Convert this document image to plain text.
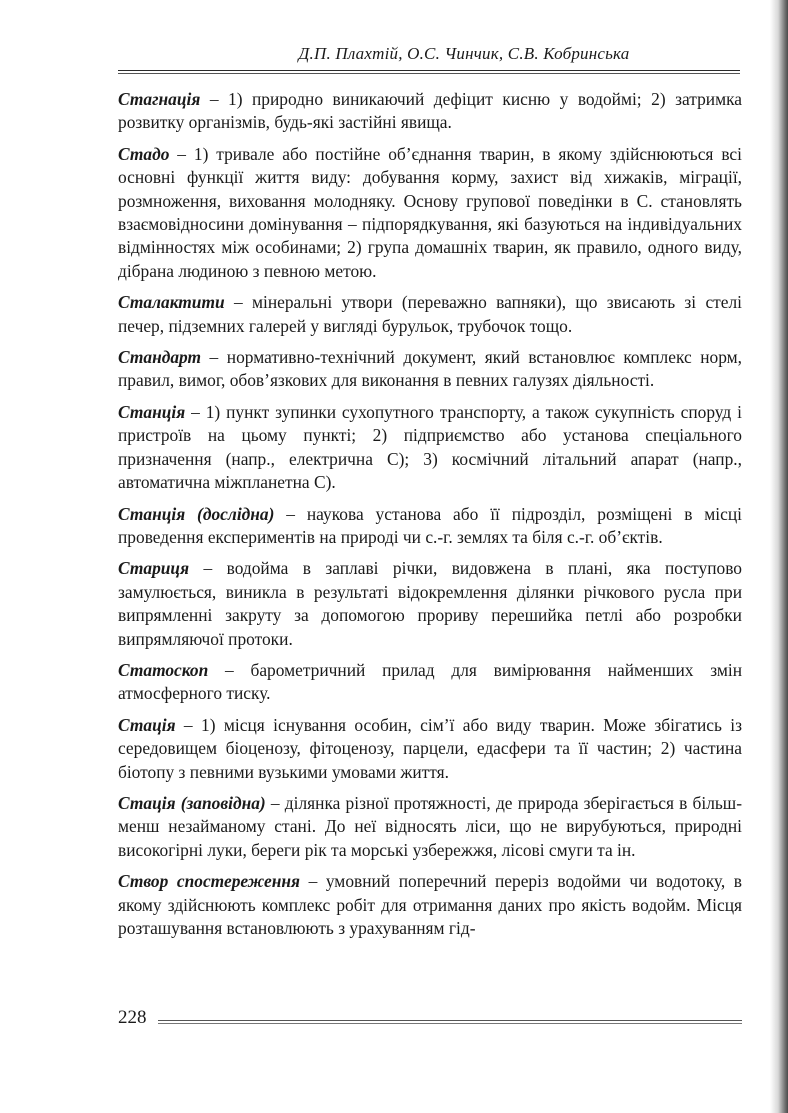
Д.П. Плахтій, О.С. Чинчик, С.В. Кобринська

Стагнація – 1) природно виникаючий дефіцит кисню у водоймі; 2) затримка розвитку організмів, будь-які застійні явища.

Стадо – 1) тривале або постійне об’єднання тварин, в якому здійснюються всі основні функції життя виду: добування корму, захист від хижаків, міграції, розмноження, виховання молодняку. Основу групової поведінки в С. становлять взаємовідносини домінування – підпорядкування, які базуються на індивідуальних відмінностях між особинами; 2) група домашніх тварин, як правило, одного виду, дібрана людиною з певною метою.

Сталактити – мінеральні утвори (переважно вапняки), що звисають зі стелі печер, підземних галерей у вигляді бурульок, трубочок тощо.

Стандарт – нормативно-технічний документ, який встановлює комплекс норм, правил, вимог, обов’язкових для виконання в певних галузях діяльності.

Станція – 1) пункт зупинки сухопутного транспорту, а також сукупність споруд і пристроїв на цьому пункті; 2) підприємство або установа спеціального призначення (напр., електрична С); 3) космічний літальний апарат (напр., автоматична міжпланетна С).

Станція (дослідна) – наукова установа або її підрозділ, розміщені в місці проведення експериментів на природі чи с.-г. землях та біля с.-г. об’єктів.

Стариця – водойма в заплаві річки, видовжена в плані, яка поступово замулюється, виникла в результаті відокремлення ділянки річкового русла при випрямленні закруту за допомогою прориву перешийка петлі або розробки випрямляючої протоки.

Статоскоп – барометричний прилад для вимірювання найменших змін атмосферного тиску.

Стація – 1) місця існування особин, сім’ї або виду тварин. Може збігатись із середовищем біоценозу, фітоценозу, парцели, едасфери та її частин; 2) частина біотопу з певними вузькими умовами життя.

Стація (заповідна) – ділянка різної протяжності, де природа зберігається в більш-менш незайманому стані. До неї відносять ліси, що не вирубуються, природні високогірні луки, береги рік та морські узбережжя, лісові смуги та ін.

Створ спостереження – умовний поперечний переріз водойми чи водотоку, в якому здійснюють комплекс робіт для отримання даних про якість водойм. Місця розташування встановлюють з урахуванням гід-

228
